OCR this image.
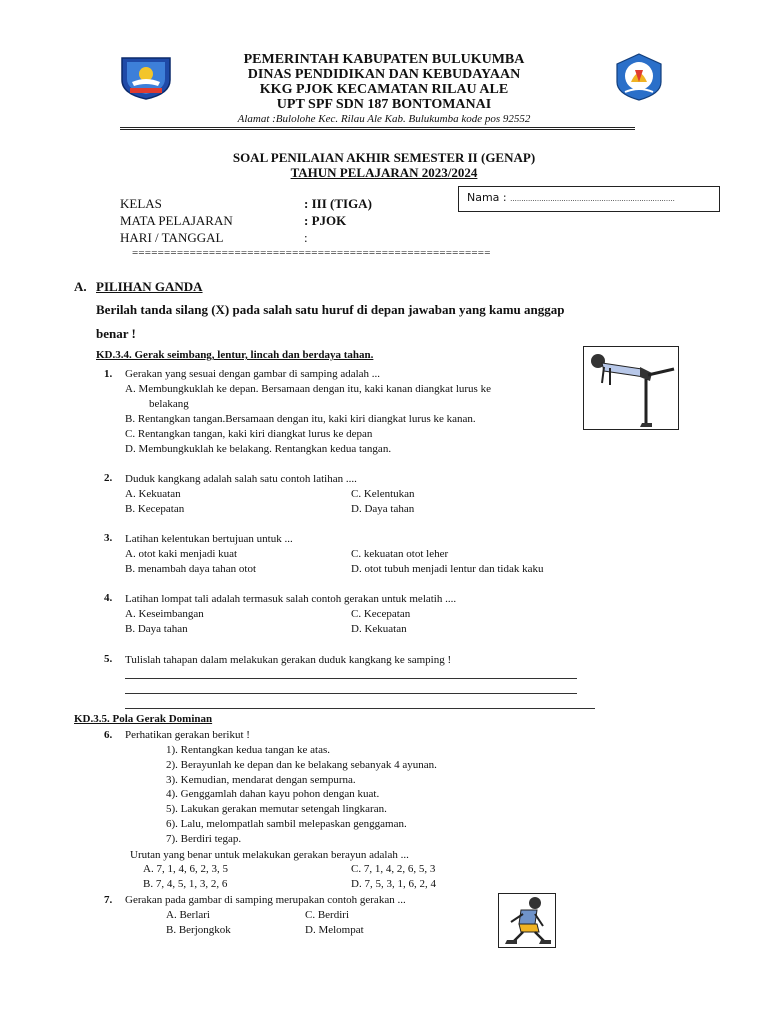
PEMERINTAH KABUPATEN BULUKUMBA
DINAS PENDIDIKAN DAN KEBUDAYAAN
KKG PJOK KECAMATAN RILAU ALE
UPT SPF SDN 187 BONTOMANAI
Alamat :Bulolohe Kec. Rilau Ale Kab. Bulukumba kode pos 92552
SOAL PENILAIAN AKHIR SEMESTER II (GENAP)
TAHUN PELAJARAN 2023/2024
KELAS	: III (TIGA)
MATA PELAJARAN	: PJOK
HARI / TANGGAL	:
Nama : ..........................................................................
========================================================
A. PILIHAN GANDA
Berilah tanda silang (X) pada salah satu huruf di depan jawaban yang kamu anggap
benar !
KD.3.4. Gerak seimbang, lentur, lincah dan berdaya tahan.
1. Gerakan yang sesuai dengan gambar di samping adalah ...
A. Membungkuklah ke depan. Bersamaan dengan itu, kaki kanan diangkat lurus ke
belakang
B. Rentangkan tangan.Bersamaan dengan itu, kaki kiri diangkat lurus ke kanan.
C. Rentangkan tangan, kaki kiri diangkat lurus ke depan
D. Membungkuklah ke belakang. Rentangkan kedua tangan.
2. Duduk kangkang adalah salah satu contoh latihan ....
A. Kekuatan
B. Kecepatan
C. Kelentukan
D. Daya tahan
3. Latihan kelentukan bertujuan untuk ...
A. otot kaki menjadi kuat
B. menambah daya tahan otot
C. kekuatan otot leher
D. otot tubuh menjadi lentur dan tidak kaku
4. Latihan lompat tali adalah termasuk salah contoh gerakan untuk melatih ....
A. Keseimbangan
B. Daya tahan
C. Kecepatan
D. Kekuatan
5. Tulislah tahapan dalam melakukan gerakan duduk kangkang ke samping !
KD.3.5. Pola Gerak Dominan
6. Perhatikan gerakan berikut !
1). Rentangkan kedua tangan ke atas.
2). Berayunlah ke depan dan ke belakang sebanyak 4 ayunan.
3). Kemudian, mendarat dengan sempurna.
4). Genggamlah dahan kayu pohon dengan kuat.
5). Lakukan gerakan memutar setengah lingkaran.
6). Lalu, melompatlah sambil melepaskan genggaman.
7). Berdiri tegap.
Urutan yang benar untuk melakukan gerakan berayun adalah ...
A. 7, 1, 4, 6, 2, 3, 5
B. 7, 4, 5, 1, 3, 2, 6
C. 7, 1, 4, 2, 6, 5, 3
D. 7, 5, 3, 1, 6, 2, 4
7. Gerakan pada gambar di samping merupakan contoh gerakan ...
A. Berlari
B. Berjongkok
C. Berdiri
D. Melompat
